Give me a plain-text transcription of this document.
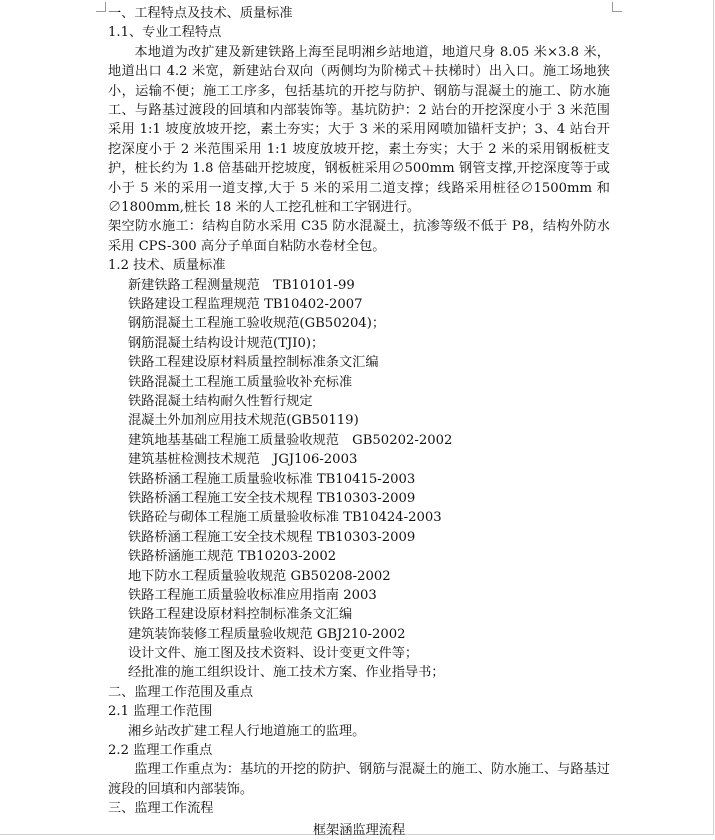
一、工程特点及技术、质量标准
1.1、专业工程特点
本地道为改扩建及新建铁路上海至昆明湘乡站地道，地道尺身 8.05 米×3.8 米，地道出口 4.2 米宽，新建站台双向（两侧均为阶梯式＋扶梯时）出入口。施工场地狭小，运输不便；施工工序多，包括基坑的开挖与防护、钢筋与混凝土的施工、防水施工、与路基过渡段的回填和内部装饰等。基坑防护：2 站台的开挖深度小于 3 米范围采用 1:1 坡度放坡开挖，素土夯实；大于 3 米的采用网喷加锚杆支护；3、4 站台开挖深度小于 2 米范围采用 1:1 坡度放坡开挖，素土夯实；大于 2 米的采用钢板桩支护，桩长约为 1.8 倍基础开挖坡度，钢板桩采用∅500mm 钢管支撑,开挖深度等于或小于 5 米的采用一道支撑,大于 5 米的采用二道支撑；线路采用桩径∅1500mm 和∅1800mm,桩长 18 米的人工挖孔桩和工字钢进行。
架空防水施工：结构自防水采用 C35 防水混凝土，抗渗等级不低于 P8，结构外防水采用 CPS-300 高分子单面自粘防水卷材全包。
1.2 技术、质量标准
新建铁路工程测量规范　TB10101-99
铁路建设工程监理规范 TB10402-2007
钢筋混凝土工程施工验收规范(GB50204)；
钢筋混凝土结构设计规范(TJI0)；
铁路工程建设原材料质量控制标准条文汇编
铁路混凝土工程施工质量验收补充标准
铁路混凝土结构耐久性暂行规定
混凝土外加剂应用技术规范(GB50119)
建筑地基基础工程施工质量验收规范　GB50202-2002
建筑基桩检测技术规范　JGJ106-2003
铁路桥涵工程施工质量验收标准 TB10415-2003
铁路桥涵工程施工安全技术规程 TB10303-2009
铁路砼与砌体工程施工质量验收标准 TB10424-2003
铁路桥涵工程施工安全技术规程 TB10303-2009
铁路桥涵施工规范 TB10203-2002
地下防水工程质量验收规范 GB50208-2002
铁路工程施工质量验收标准应用指南 2003
铁路工程建设原材料控制标准条文汇编
建筑装饰装修工程质量验收规范 GBJ210-2002
设计文件、施工图及技术资料、设计变更文件等；
经批准的施工组织设计、施工技术方案、作业指导书；
二、监理工作范围及重点
2.1 监理工作范围
湘乡站改扩建工程人行地道施工的监理。
2.2 监理工作重点
监理工作重点为：基坑的开挖的防护、钢筋与混凝土的施工、防水施工、与路基过渡段的回填和内部装饰。
三、监理工作流程
框架涵监理流程
